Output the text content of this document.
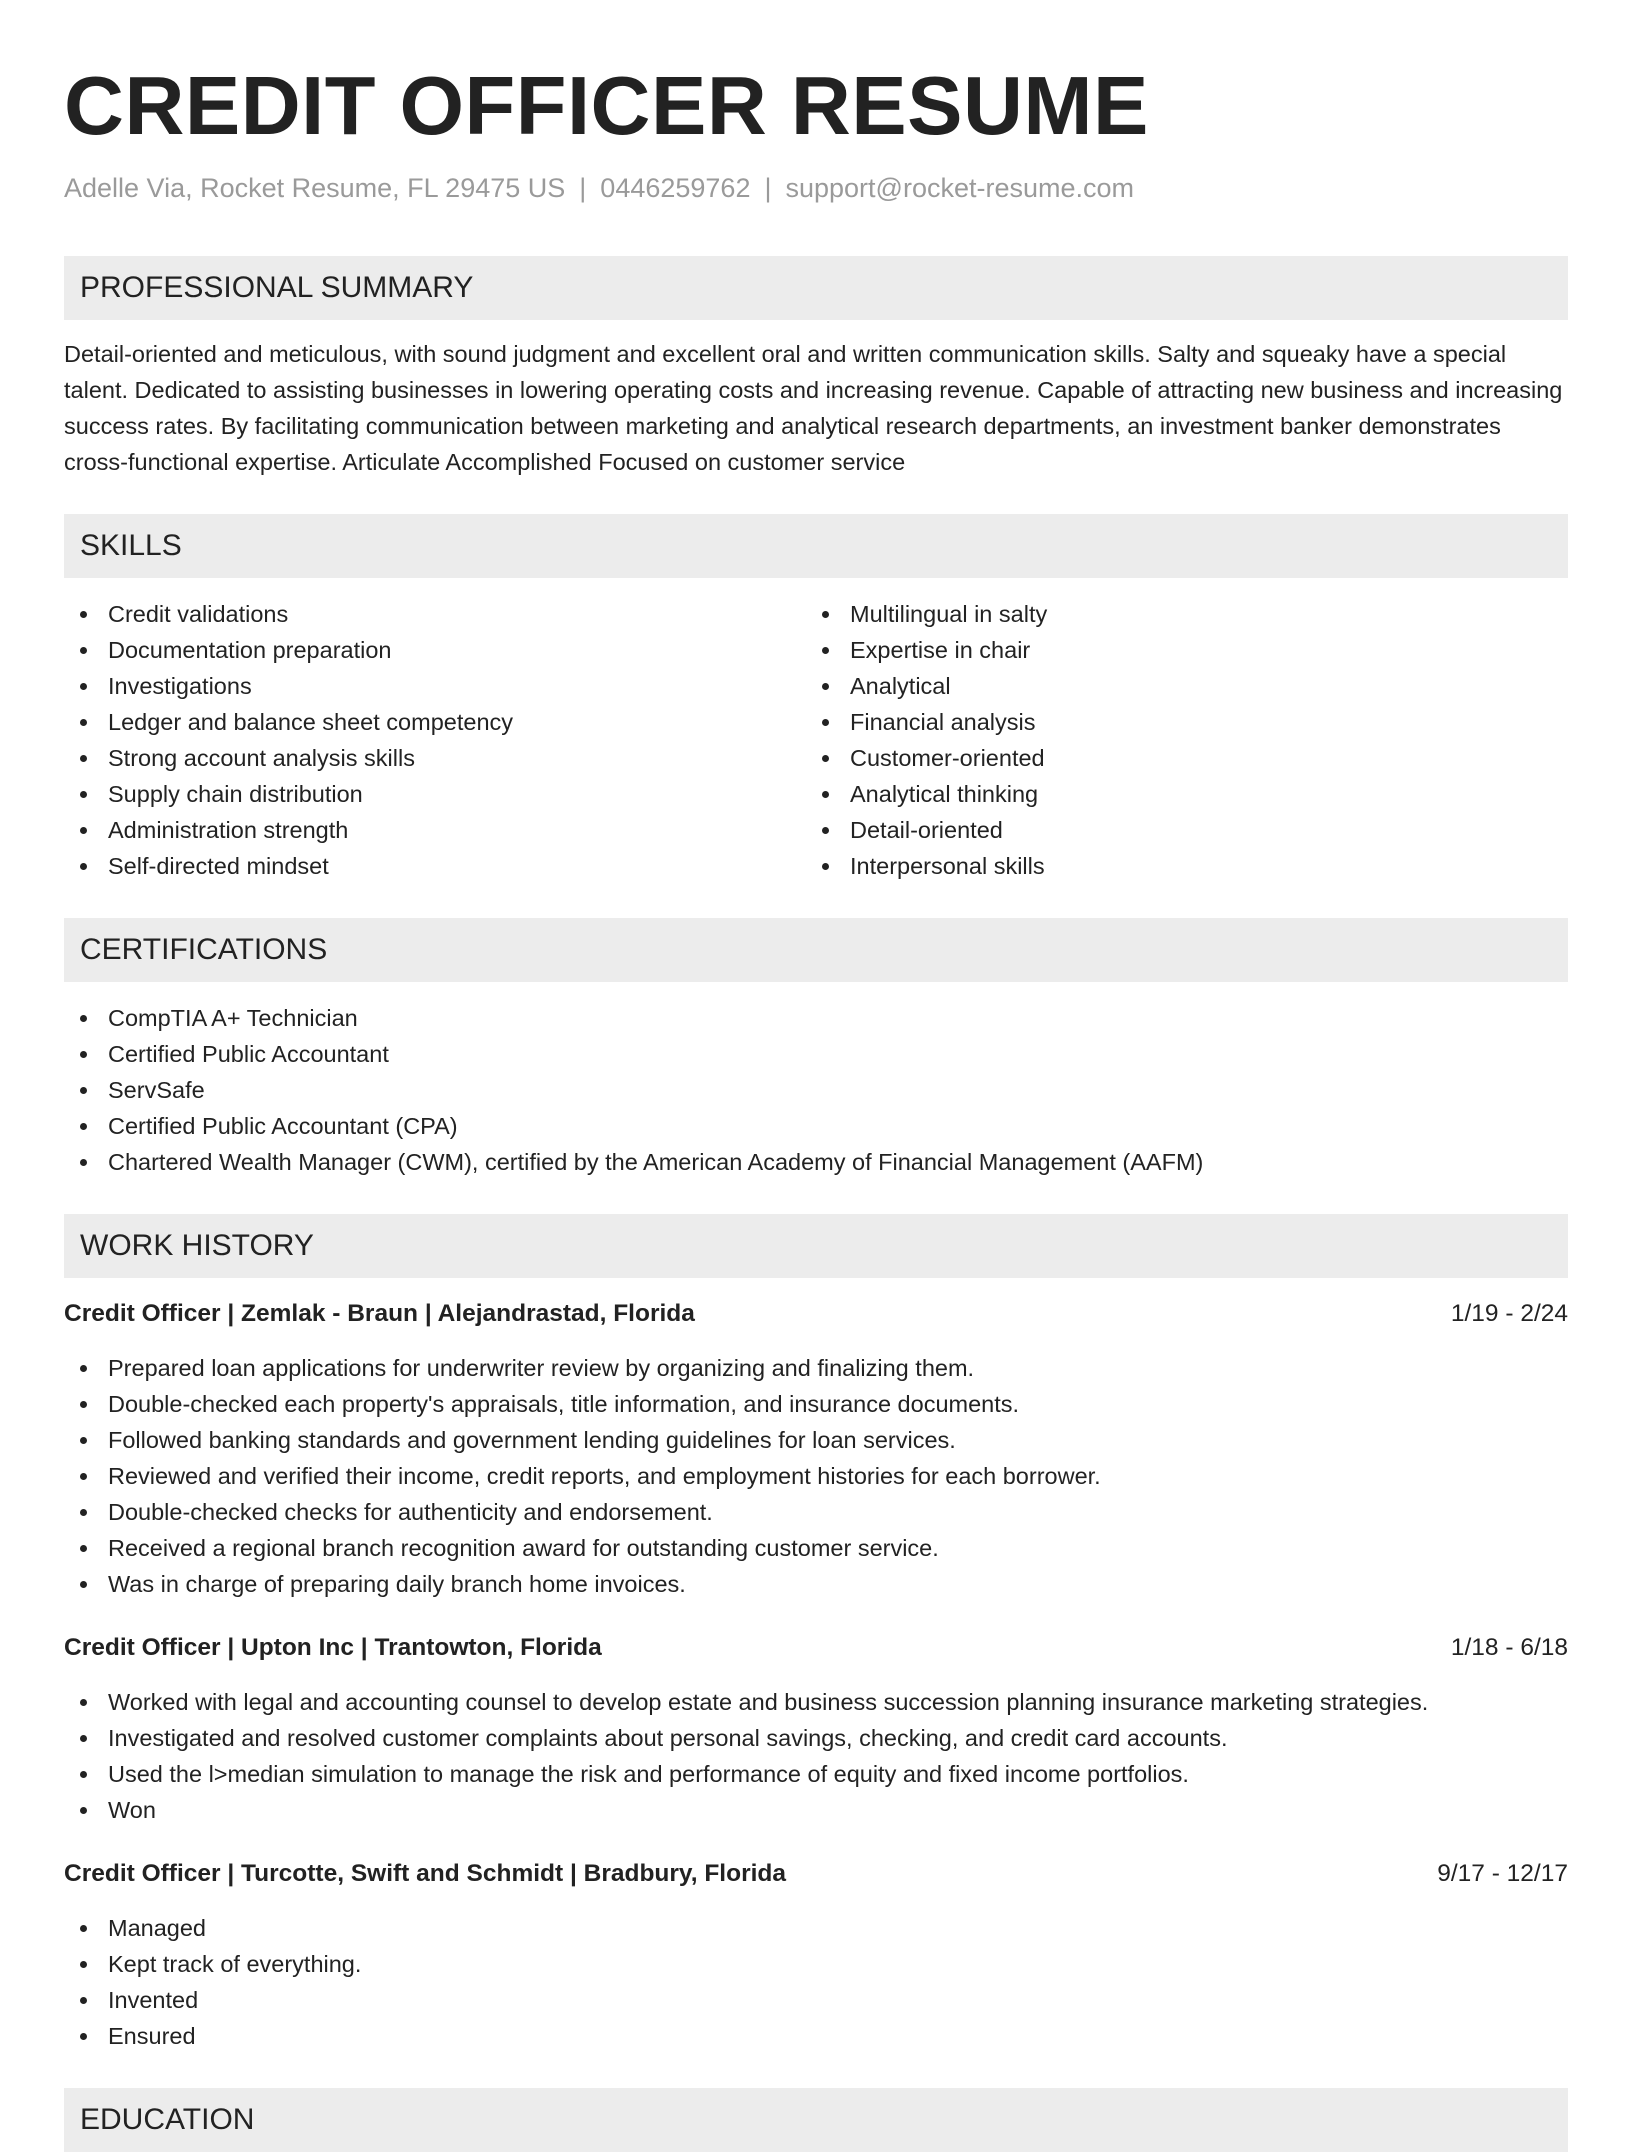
CREDIT OFFICER RESUME
Adelle Via, Rocket Resume, FL 29475 US | 0446259762 | support@rocket-resume.com
PROFESSIONAL SUMMARY

Detail-oriented and meticulous, with sound judgment and excellent oral and written communication skills. Salty and squeaky have a special talent. Dedicated to assisting businesses in lowering operating costs and increasing revenue. Capable of attracting new business and increasing success rates. By facilitating communication between marketing and analytical research departments, an investment banker demonstrates cross-functional expertise. Articulate Accomplished Focused on customer service

SKILLS
Credit validations
Documentation preparation
Investigations
Ledger and balance sheet competency
Strong account analysis skills
Supply chain distribution
Administration strength
Self-directed mindset
Multilingual in salty
Expertise in chair
Analytical
Financial analysis
Customer-oriented
Analytical thinking
Detail-oriented
Interpersonal skills
CERTIFICATIONS
CompTIA A+ Technician
Certified Public Accountant
ServSafe
Certified Public Accountant (CPA)
Chartered Wealth Manager (CWM), certified by the American Academy of Financial Management (AAFM)
WORK HISTORY
Credit Officer | Zemlak - Braun | Alejandrastad, Florida	1/19 - 2/24
Prepared loan applications for underwriter review by organizing and finalizing them.
Double-checked each property's appraisals, title information, and insurance documents.
Followed banking standards and government lending guidelines for loan services.
Reviewed and verified their income, credit reports, and employment histories for each borrower.
Double-checked checks for authenticity and endorsement.
Received a regional branch recognition award for outstanding customer service.
Was in charge of preparing daily branch home invoices.
Credit Officer | Upton Inc | Trantowton, Florida	1/18 - 6/18
Worked with legal and accounting counsel to develop estate and business succession planning insurance marketing strategies.
Investigated and resolved customer complaints about personal savings, checking, and credit card accounts.
Used the l>median simulation to manage the risk and performance of equity and fixed income portfolios.
Won
Credit Officer | Turcotte, Swift and Schmidt | Bradbury, Florida	9/17 - 12/17
Managed
Kept track of everything.
Invented
Ensured
EDUCATION
